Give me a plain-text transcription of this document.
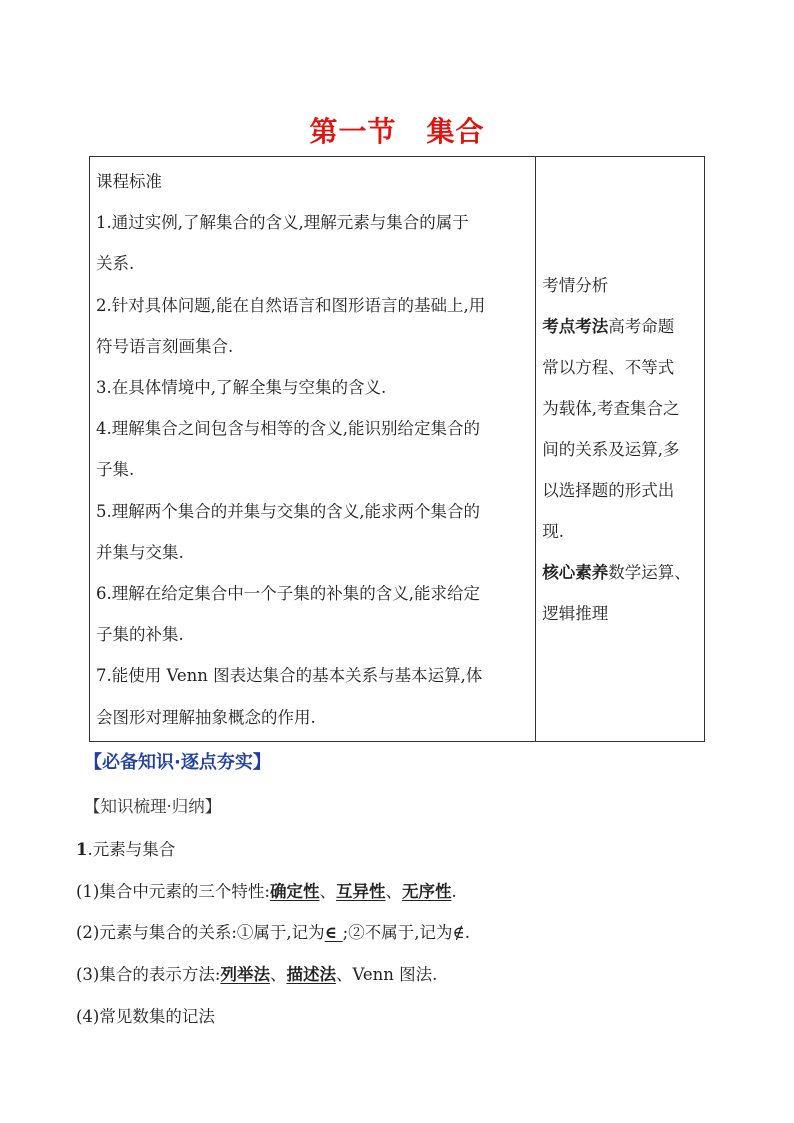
第一节 集合
课程标准
1.通过实例,了解集合的含义,理解元素与集合的属于
关系.
2.针对具体问题,能在自然语言和图形语言的基础上,用
符号语言刻画集合.
3.在具体情境中,了解全集与空集的含义.
4.理解集合之间包含与相等的含义,能识别给定集合的
子集.
5.理解两个集合的并集与交集的含义,能求两个集合的
并集与交集.
6.理解在给定集合中一个子集的补集的含义,能求给定
子集的补集.
7.能使用 Venn 图表达集合的基本关系与基本运算,体
会图形对理解抽象概念的作用.

考情分析
考点考法高考命题
常以方程、不等式
为载体,考查集合之
间的关系及运算,多
以选择题的形式出
现.
核心素养数学运算、
逻辑推理
【必备知识·逐点夯实】
【知识梳理·归纳】
1.元素与集合
(1)集合中元素的三个特性:确定性、互异性、无序性.
(2)元素与集合的关系:①属于,记为∈ ;②不属于,记为∉.
(3)集合的表示方法:列举法、描述法、Venn 图法.
(4)常见数集的记法
